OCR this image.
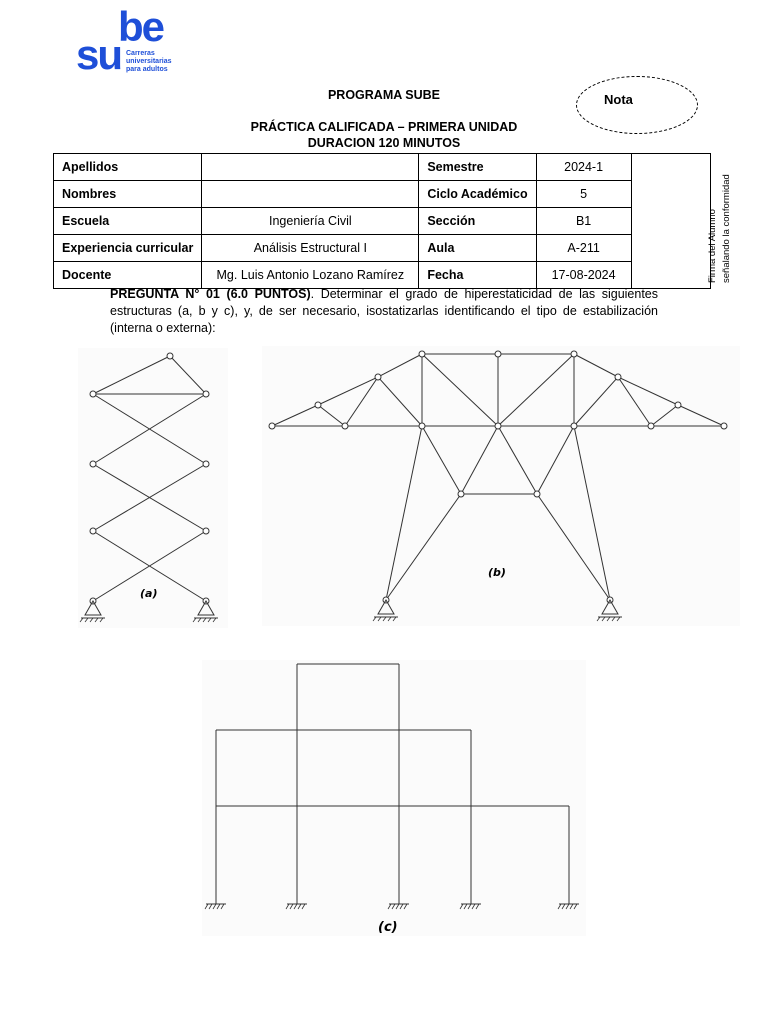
be
su Carreras
universitarias
para adultos
PROGRAMA SUBE
PRÁCTICA CALIFICADA – PRIMERA UNIDAD
DURACION 120 MINUTOS
Nota
Apellidos		Semestre	2024-1	
Nombres		Ciclo Académico	5	
Escuela	Ingeniería Civil	Sección	B1	
Experiencia curricular	Análisis Estructural I	Aula	A-211	
Docente	Mg. Luis Antonio Lozano Ramírez	Fecha	17-08-2024		Firma del Alumno señalando la conformidad
PREGUNTA N° 01 (6.0 PUNTOS). Determinar el grado de hiperestaticidad de las siguientes estructuras (a, b y c), y, de ser necesario, isostatizarlas identificando el tipo de estabilización (interna o externa):
(a)
(b)
(c)
